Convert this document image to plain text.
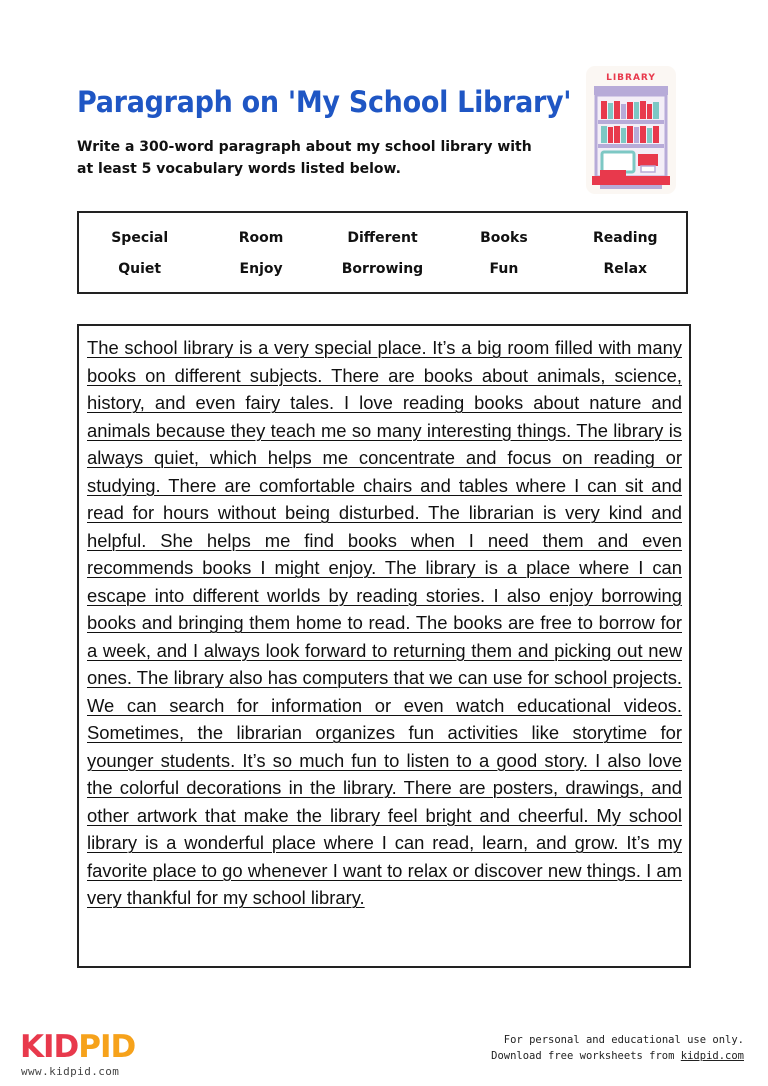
Paragraph on 'My School Library'

Write a 300-word paragraph about my school library with at least 5 vocabulary words listed below.

LIBRARY
Special	Room	Different	Books	Reading
Quiet	Enjoy	Borrowing	Fun	Relax

The school library is a very special place. It’s a big room filled with many books on different subjects. There are books about animals, science, history, and even fairy tales. I love reading books about nature and animals because they teach me so many interesting things. The library is always quiet, which helps me concentrate and focus on reading or studying. There are comfortable chairs and tables where I can sit and read for hours without being disturbed. The librarian is very kind and helpful. She helps me find books when I need them and even recommends books I might enjoy. The library is a place where I can escape into different worlds by reading stories. I also enjoy borrowing books and bringing them home to read. The books are free to borrow for a week, and I always look forward to returning them and picking out new ones. The library also has computers that we can use for school projects. We can search for information or even watch educational videos. Sometimes, the librarian organizes fun activities like storytime for younger students. It’s so much fun to listen to a good story. I also love the colorful decorations in the library. There are posters, drawings, and other artwork that make the library feel bright and cheerful. My school library is a wonderful place where I can read, learn, and grow. It’s my favorite place to go whenever I want to relax or discover new things. I am very thankful for my school library.

KIDPID
www.kidpid.com
For personal and educational use only.
Download free worksheets from kidpid.com
